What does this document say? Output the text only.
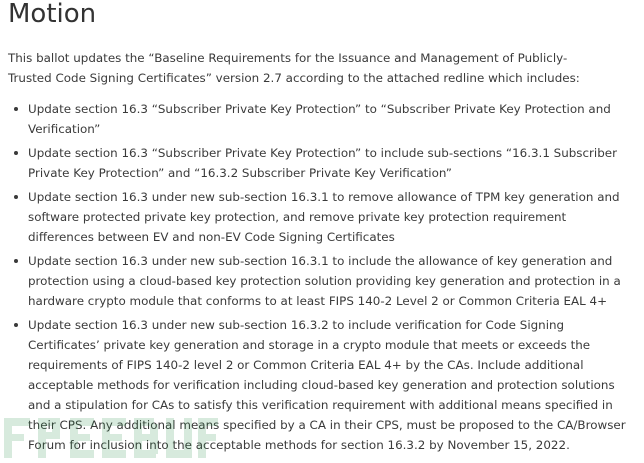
Motion

This ballot updates the “Baseline Requirements for the Issuance and Management of Publicly-Trusted Code Signing Certificates” version 2.7 according to the attached redline which includes:

Update section 16.3 “Subscriber Private Key Protection” to “Subscriber Private Key Protection and Verification”
Update section 16.3 “Subscriber Private Key Protection” to include sub-sections “16.3.1 Subscriber Private Key Protection” and “16.3.2 Subscriber Private Key Verification”
Update section 16.3 under new sub-section 16.3.1 to remove allowance of TPM key generation and software protected private key protection, and remove private key protection requirement differences between EV and non-EV Code Signing Certificates
Update section 16.3 under new sub-section 16.3.1 to include the allowance of key generation and protection using a cloud-based key protection solution providing key generation and protection in a hardware crypto module that conforms to at least FIPS 140-2 Level 2 or Common Criteria EAL 4+
Update section 16.3 under new sub-section 16.3.2 to include verification for Code Signing Certificates’ private key generation and storage in a crypto module that meets or exceeds the requirements of FIPS 140-2 level 2 or Common Criteria EAL 4+ by the CAs. Include additional acceptable methods for verification including cloud-based key generation and protection solutions and a stipulation for CAs to satisfy this verification requirement with additional means specified in their CPS. Any additional means specified by a CA in their CPS, must be proposed to the CA/Browser Forum for inclusion into the acceptable methods for section 16.3.2 by November 15, 2022.
